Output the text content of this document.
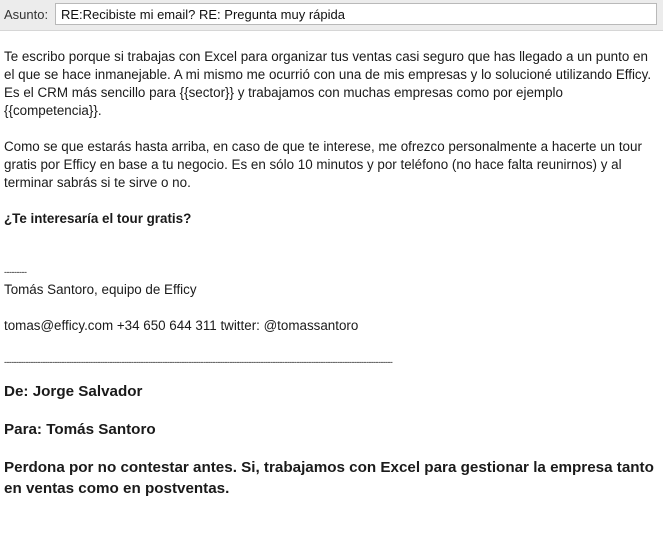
Asunto:
RE:Recibiste mi email? RE: Pregunta muy rápida

Te escribo porque si trabajas con Excel para organizar tus ventas casi seguro que has llegado a un punto en el que se hace inmanejable. A mi mismo me ocurrió con una de mis empresas y lo solucioné utilizando Efficy. Es el CRM más sencillo para {{sector}} y trabajamos con muchas empresas como por ejemplo {{competencia}}.

Como se que estarás hasta arriba, en caso de que te interese, me ofrezco personalmente a hacerte un tour gratis por Efficy en base a tu negocio. Es en sólo 10 minutos y por teléfono (no hace falta reunirnos) y al terminar sabrás si te sirve o no.

¿Te interesaría el tour gratis?

---------

Tomás Santoro, equipo de Efficy

tomas@efficy.com +34 650 644 311 twitter: @tomassantoro

------------------------------------------------------------------------------------------------------------------------------------------------------------------

De: Jorge Salvador

Para: Tomás Santoro

Perdona por no contestar antes. Si, trabajamos con Excel para gestionar la empresa tanto en ventas como en postventas.
